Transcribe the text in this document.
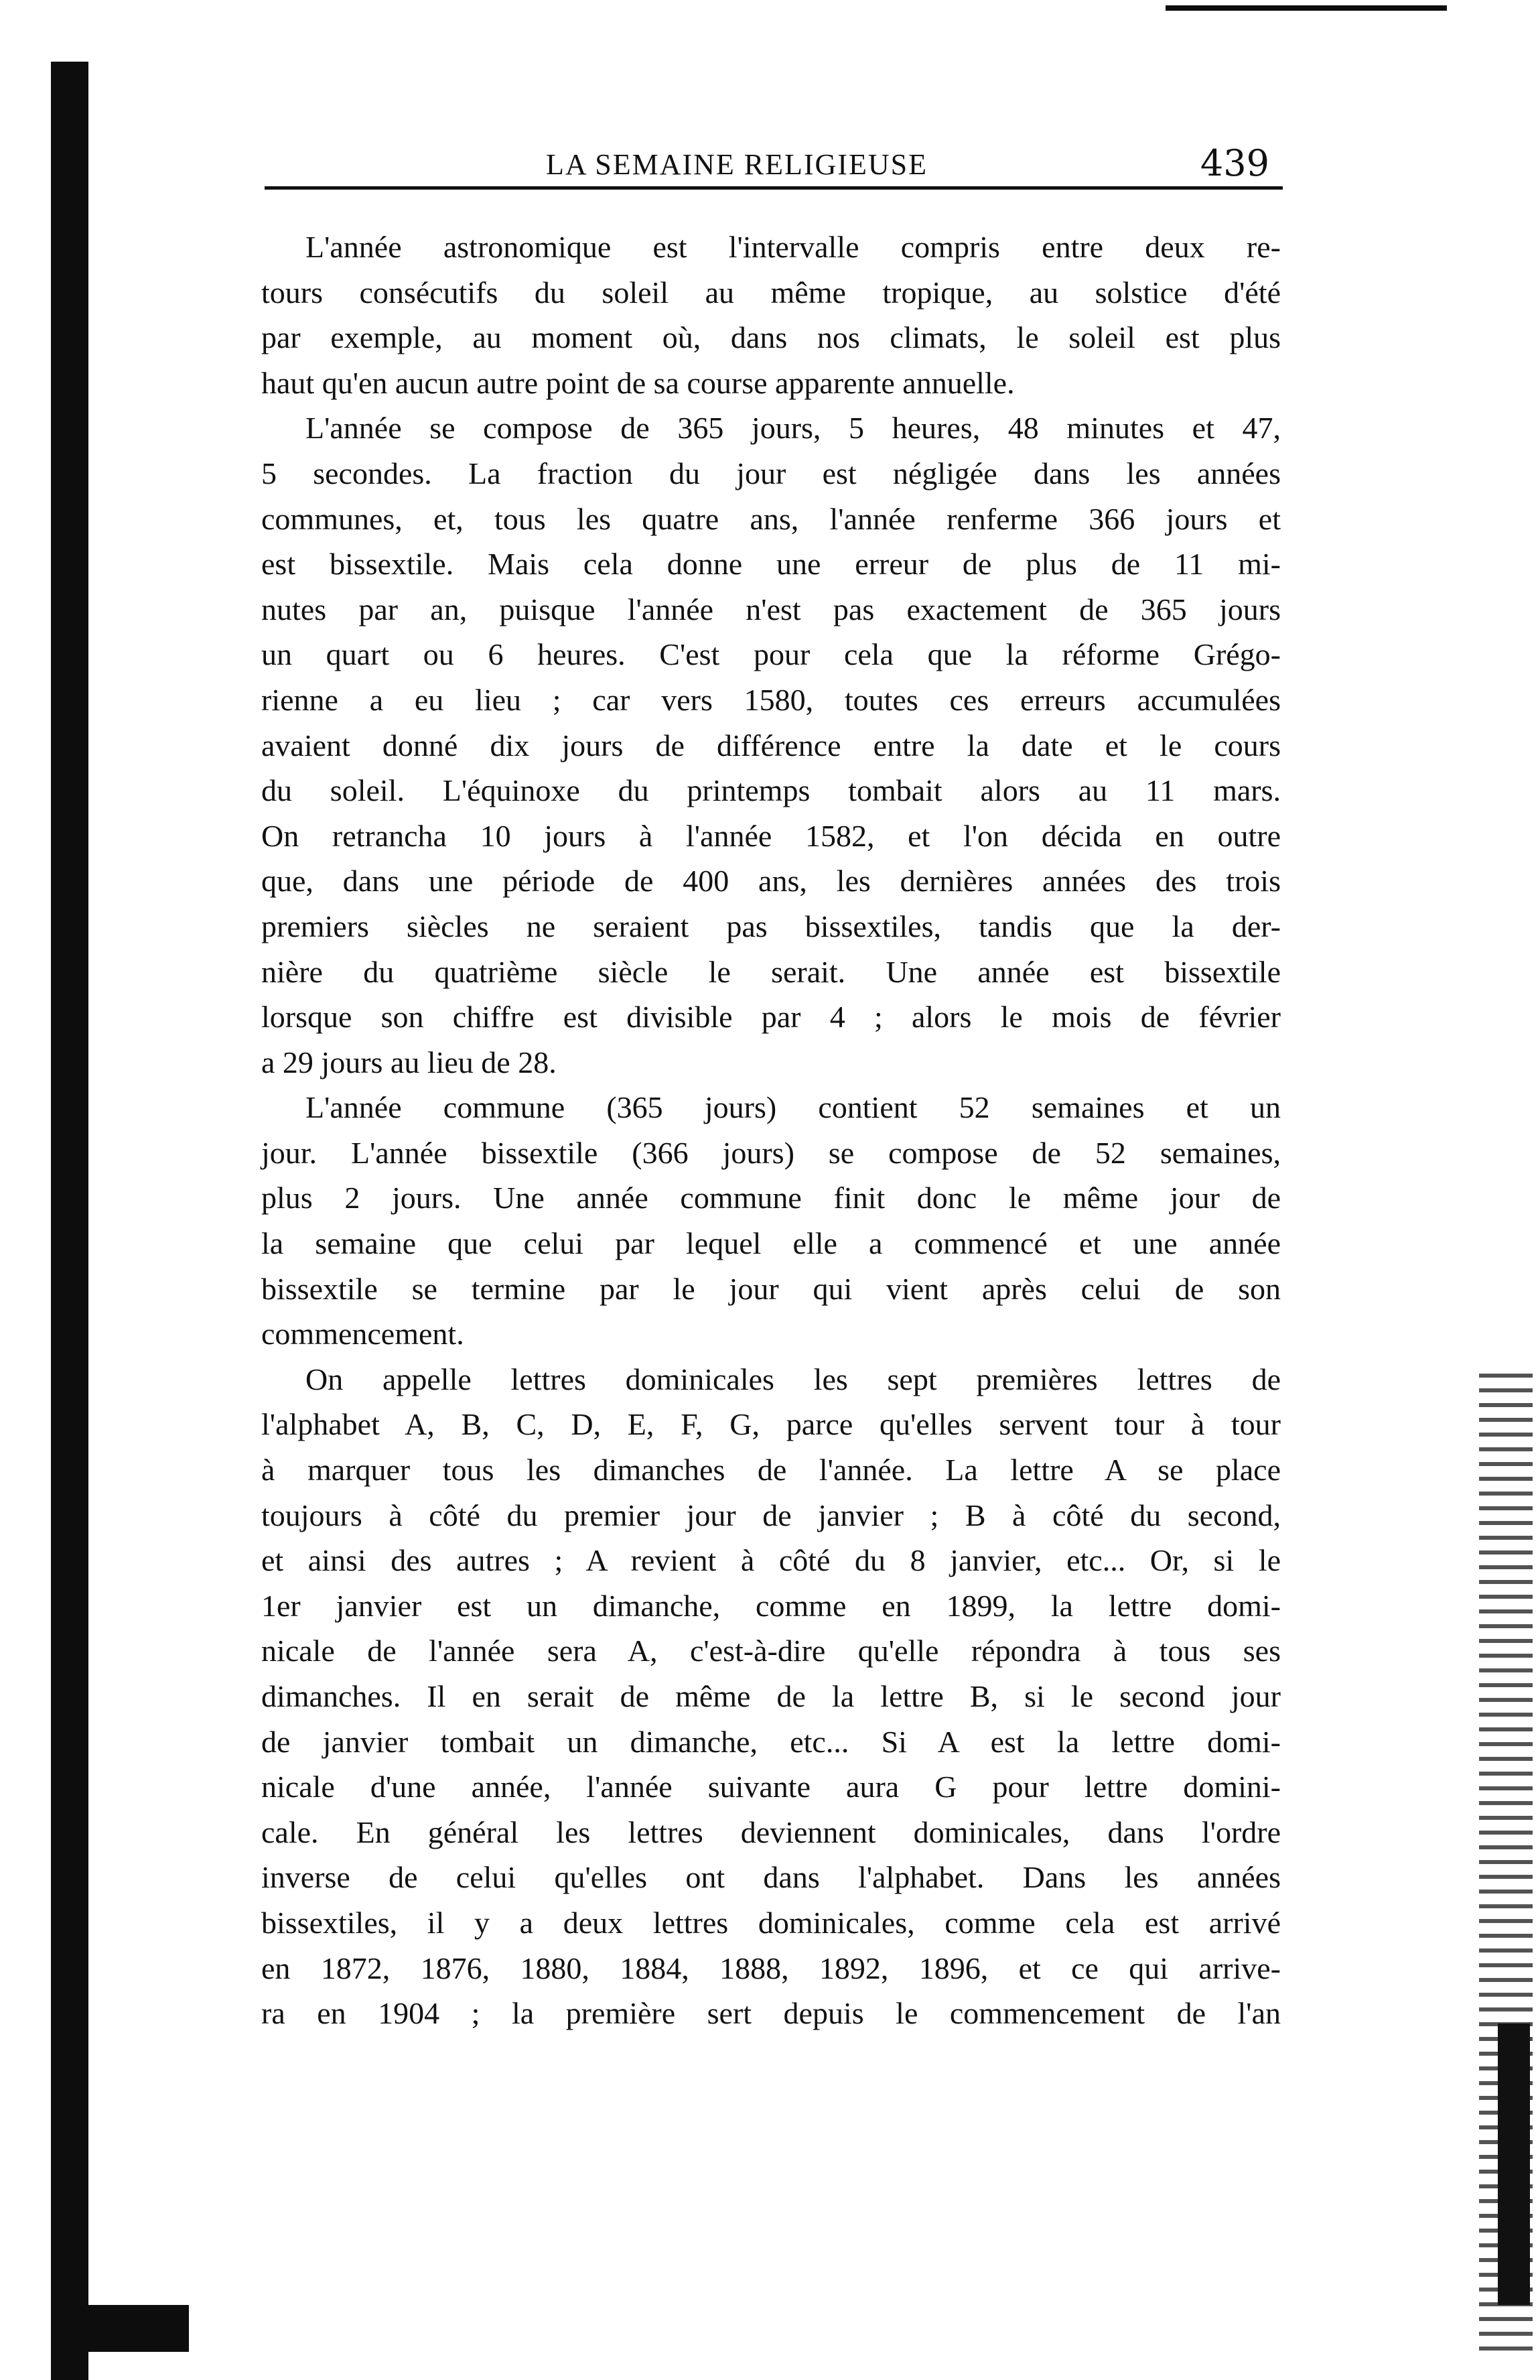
LA SEMAINE RELIGIEUSE	439
L'année astronomique est l'intervalle compris entre deux re-
tours consécutifs du soleil au même tropique, au solstice d'été
par exemple, au moment où, dans nos climats, le soleil est plus
haut qu'en aucun autre point de sa course apparente annuelle.
L'année se compose de 365 jours, 5 heures, 48 minutes et 47,
5 secondes. La fraction du jour est négligée dans les années
communes, et, tous les quatre ans, l'année renferme 366 jours et
est bissextile. Mais cela donne une erreur de plus de 11 mi-
nutes par an, puisque l'année n'est pas exactement de 365 jours
un quart ou 6 heures. C'est pour cela que la réforme Grégo-
rienne a eu lieu ; car vers 1580, toutes ces erreurs accumulées
avaient donné dix jours de différence entre la date et le cours
du soleil. L'équinoxe du printemps tombait alors au 11 mars.
On retrancha 10 jours à l'année 1582, et l'on décida en outre
que, dans une période de 400 ans, les dernières années des trois
premiers siècles ne seraient pas bissextiles, tandis que la der-
nière du quatrième siècle le serait. Une année est bissextile
lorsque son chiffre est divisible par 4 ; alors le mois de février
a 29 jours au lieu de 28.
L'année commune (365 jours) contient 52 semaines et un
jour. L'année bissextile (366 jours) se compose de 52 semaines,
plus 2 jours. Une année commune finit donc le même jour de
la semaine que celui par lequel elle a commencé et une année
bissextile se termine par le jour qui vient après celui de son
commencement.
On appelle lettres dominicales les sept premières lettres de
l'alphabet A, B, C, D, E, F, G, parce qu'elles servent tour à tour
à marquer tous les dimanches de l'année. La lettre A se place
toujours à côté du premier jour de janvier ; B à côté du second,
et ainsi des autres ; A revient à côté du 8 janvier, etc... Or, si le
1er janvier est un dimanche, comme en 1899, la lettre domi-
nicale de l'année sera A, c'est-à-dire qu'elle répondra à tous ses
dimanches. Il en serait de même de la lettre B, si le second jour
de janvier tombait un dimanche, etc... Si A est la lettre domi-
nicale d'une année, l'année suivante aura G pour lettre domini-
cale. En général les lettres deviennent dominicales, dans l'ordre
inverse de celui qu'elles ont dans l'alphabet. Dans les années
bissextiles, il y a deux lettres dominicales, comme cela est arrivé
en 1872, 1876, 1880, 1884, 1888, 1892, 1896, et ce qui arrive-
ra en 1904 ; la première sert depuis le commencement de l'an
